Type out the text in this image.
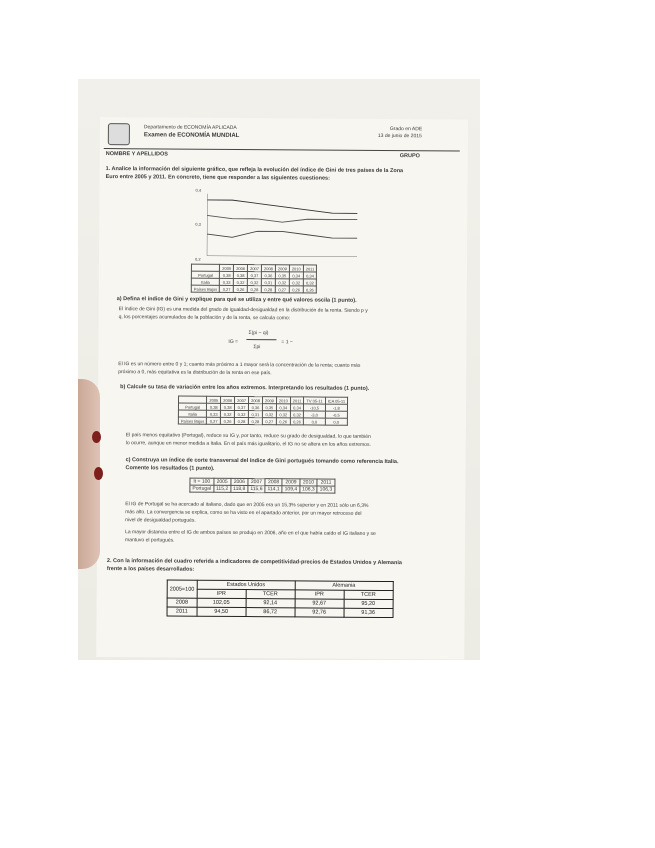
Departamento de ECONOMÍA APLICADA
Examen de ECONOMÍA MUNDIAL
Grado en ADE
13 de junio de 2015
NOMBRE Y APELLIDOS	GRUPO
1. Analice la información del siguiente gráfico, que refleja la evolución del índice de Gini de tres países de la Zona
Euro entre 2005 y 2011. En concreto, tiene que responder a las siguientes cuestiones:
0,4
0,3
0,2
	2005	2006	2007	2008	2009	2010	2011
Portugal	0,38	0,38	0,37	0,36	0,35	0,34	0,34
Italia	0,33	0,32	0,32	0,31	0,32	0,32	0,32
Países Bajos	0,27	0,26	0,28	0,28	0,27	0,26	0,26
a) Defina el índice de Gini y explique para qué se utiliza y entre qué valores oscila (1 punto).
El índice de Gini (IG) es una medida del grado de igualdad-desigualdad en la distribución de la renta. Siendo p y
q, los porcentajes acumulados de la población y de la renta, se calcula como:
Σ(pi − qi)
IG =	= 1 −
Σpi
El IG es un número entre 0 y 1; cuanto más próximo a 1 mayor será la concentración de la renta; cuanto más
próximo a 0, más equitativa es la distribución de la renta en ese país.
b) Calcule su tasa de variación entre los años extremos. Interpretando los resultados (1 punto).
	2005	2006	2007	2008	2009	2010	2011	TV 05-11	ICA 05-11
Portugal	0,38	0,38	0,37	0,36	0,35	0,34	0,34	-10,5	-1,8
Italia	0,33	0,32	0,32	0,31	0,32	0,32	0,32	-3,0	-0,5
Países Bajos	0,27	0,26	0,28	0,28	0,27	0,26	0,26	0,0	0,0
El país menos equitativo (Portugal), reduce su IG y, por tanto, reduce su grado de desigualdad, lo que también
lo ocurre, aunque en menor medida a Italia. En el país más igualitario, el IG no se altera en los años extremos.
c) Construya un índice de corte transversal del índice de Gini portugués tomando como referencia Italia.
Comente los resultados (1 punto).
It = 100	2005	2006	2007	2008	2009	2010	2011
Portugal	115,2	118,8	115,6	114,1	109,4	106,3	106,3
El IG de Portugal se ha acercado al italiano, dado que en 2005 era un 15,3% superior y en 2011 sólo un 6,3%
más alto. La convergencia se explica, como se ha visto en el apartado anterior, por un mayor retroceso del
nivel de desigualdad portugués.
La mayor distancia entre el IG de ambos países se produjo en 2006, año en el que había caído el IG italiano y se
mantuvo el portugués.
2. Con la información del cuadro referida a indicadores de competitividad-precios de Estados Unidos y Alemania
frente a los países desarrollados:
2005=100	Estados Unidos		Alemania	
	IPR	TCER	IPR	TCER
2008	102,05	92,14	92,67	95,20
2011	94,50	86,72	92,76	91,36
